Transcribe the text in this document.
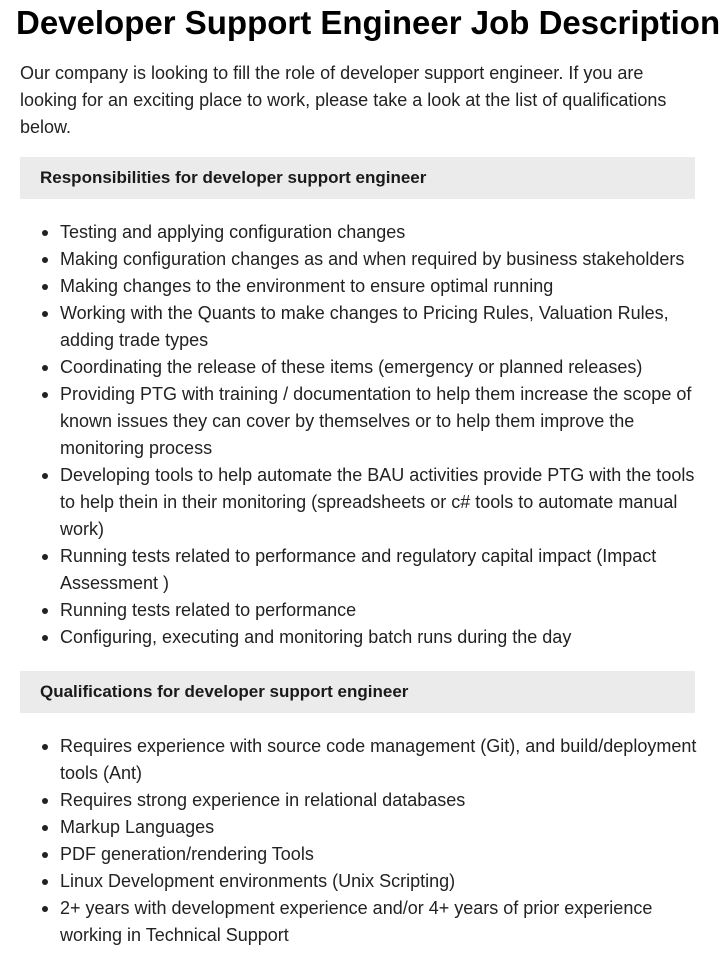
Developer Support Engineer Job Description

Our company is looking to fill the role of developer support engineer. If you are looking for an exciting place to work, please take a look at the list of qualifications below.

Responsibilities for developer support engineer
Testing and applying configuration changes
Making configuration changes as and when required by business stakeholders
Making changes to the environment to ensure optimal running
Working with the Quants to make changes to Pricing Rules, Valuation Rules, adding trade types
Coordinating the release of these items (emergency or planned releases)
Providing PTG with training / documentation to help them increase the scope of known issues they can cover by themselves or to help them improve the monitoring process
Developing tools to help automate the BAU activities provide PTG with the tools to help thein in their monitoring (spreadsheets or c# tools to automate manual work)
Running tests related to performance and regulatory capital impact (Impact Assessment )
Running tests related to performance
Configuring, executing and monitoring batch runs during the day
Qualifications for developer support engineer
Requires experience with source code management (Git), and build/deployment tools (Ant)
Requires strong experience in relational databases
Markup Languages
PDF generation/rendering Tools
Linux Development environments (Unix Scripting)
2+ years with development experience and/or 4+ years of prior experience working in Technical Support
